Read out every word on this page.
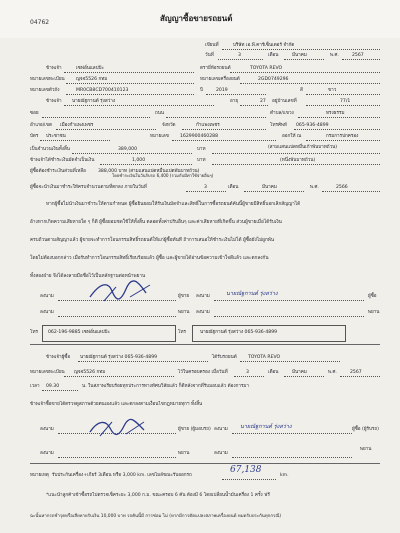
04762	สัญญาซื้อขายรถยนต์
เขียนที่	บริษัท เอ.พี.คาร์เซ็นเตอร์ จำกัด
วันที่	3	เดือน	มีนาคม	พ.ศ.	2567
ข้าพเจ้า	เซฟอั่นแลปป้ะ	ตรายี่ห้อรถยนต์	TOYOTA REVO
หมายเลขทะเบียน ญจจ5526 กทม	หมายเลขเครื่องยนต์	2GD0749296
หมายเลขตัวถัง	MR0CB8CD700410123	ปี	2019	สี	ขาว
ข้าพเจ้า นายณัฐกานต์ รุ่งสว่าง	อายุ	27 อยู่บ้านเลขที่	77/1
ซอย	ถนน	ตำบล/แขวง	ทรงธรรม
อำเภอ/เขต เมืองกำแพงเพชร	จังหวัด	กำแพงเพชร	โทรศัพท์ 065-936-4899
บัตร ประชาชน	หมายเลข 1629900460288	ออกให้ ณ	กรมการปกครอง
เป็นจำนวนเงินทั้งสิ้น	389,000	บาท	(สามแสนแปดหมื่นเก้าพันบาทถ้วน)
ข้าพเจ้าได้ชำระเงินมัดจำเป็นเงิน	1,000	บาท	(หนึ่งพันบาทถ้วน)
ผู้ซื้อต้องชำระเงินส่วนที่เหลือ	388,000 บาท (สามแสนแปดหมื่นแปดพันบาทถ้วน)
โดยชำระเงินในวันรับรถ 6,400 (รวมกับมีค่าใช้จ่ายอื่นๆ)
ผู้ซื้อจะนำเงินมาชำระให้ครบจำนวนตามที่ตกลง ภายในวันที่	3	เดือน	มีนาคม	พ.ศ.	2566
หากผู้ซื้อไม่นำเงินมาชำระให้ตามกำหนด ผู้ซื้อยินยอมให้รับเงินมัดจำและสิทธิ์ในการซื้อรถยนต์คันนี้ผู้ขายมีสิทธิ์บอกเลิกสัญญาได้
อ้างหากเกิดความเสียหายใด ๆ ก็ดี ผู้ซื้อยอมชดใช้ให้ทั้งสิ้น ตลอดทั้งค่าปรับอื่นๆ และค่าเสียหายที่เกิดขึ้น ส่วนผู้ขายเมื่อได้รับเงิน
ครบถ้วนตามสัญญาแล้ว ผู้ขายจะทำการโอนกรรมสิทธิ์รถยนต์ให้แก่ผู้ซื้อทันที ถ้าการเสนอให้ชำระเงินไม่ได้ ผู้ซื้อยังไม่ผูกพัน
โดยไม่ต้องบอกกล่าว เมื่อรับทำการโอนกรรมสิทธิ์เรียบร้อยแล้ว ผู้ซื้อ และผู้ขายได้อ่านข้อความเข้าใจดีแล้ว และตกลงกัน
ทั้งสองฝ่าย จึงได้ลงลายมือชื่อไว้เป็นหลักฐานต่อหน้าพยาน
ลงนาม	ผู้ขาย ลงนาม	นายณัฐกานต์ รุ่งสว่าง	ผู้ซื้อ
ลงนาม	พยาน ลงนาม	พยาน
โทร 062-196-9885 เซฟอั่นแลปป้ะ	โทร	นายณัฐกานต์ รุ่งสว่าง 065-936-4899
ข้าพเจ้าผู้ซื้อ นายณัฐกานต์ รุ่งสว่าง 065-936-4899	ได้รับรถยนต์ TOYOTA REVO
หมายเลขทะเบียน ญจจ5526 กทม	ไว้ในครอบครอง เมื่อวันที่	3	เดือน	มีนาคม	พ.ศ.	2567
เวลา 09.30	น. ในสภาพเรียบร้อยทุกประการทางทัศนวิสัยแล้ว ก็ดีหลังจากที่รับมอบแล้ว ต้องการมา
ข้าพเจ้าซื้อขายได้ตรวจดูสภาพด้วยตนเองแล้ว และตกลงตามเงื่อนไขกฎหมายทุกฯ ทั้งสิ้น
ลงนาม	ผู้ขาย (ผู้มอบรถ) ลงนาม นายณัฐกานต์ รุ่งสว่าง	ผู้ซื้อ (ผู้รับรถ)
ลงนาม	พยาน	ลงนาม
พยาน
หมายเหตุ รับประกันเครื่อง+เกียร์ 3เดือน หรือ 3,000 km. เลขไมล์ขณะรับออกรถ
67,138
km.
*แนะนำลูกค้าเข้าซื้อรถไปตรวจเช็คระยะ 3,000 ก.ม. ขณะครอบ 6 คัน ต้องมี 6 โดยเปลี่ยนน้ำมันเครื่อง 1 ครั้ง ฟรี
ฉะนั้นหากรถชำรุดหรือเสียหายรับเงิน 10,000 บาท รถคันนี้มี การซ่อม ไม่ (หากมีการตัดแปลงสภาพเครื่องยนต์ หมดรับประกันทุกกรณี)
